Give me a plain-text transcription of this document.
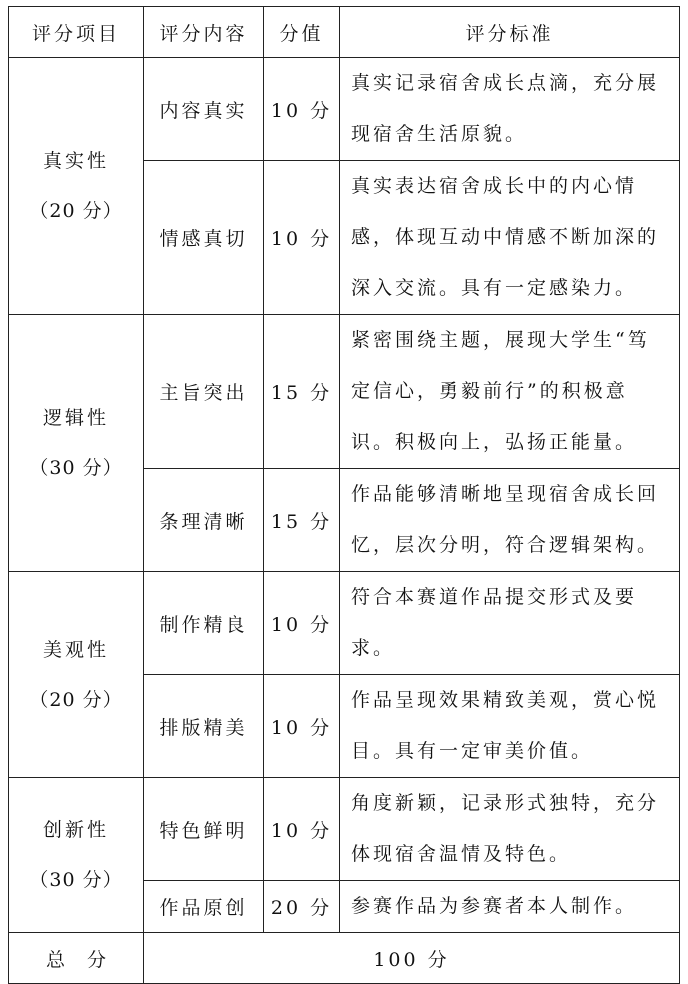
评分项目	评分内容	分值	评分标准

真实性
（20 分）	内容真实	10 分	真实记录宿舍成长点滴，充分展现宿舍生活原貌。
	情感真切	10 分	真实表达宿舍成长中的内心情感，体现互动中情感不断加深的深入交流。具有一定感染力。

逻辑性
（30 分）	主旨突出	15 分	紧密围绕主题，展现大学生“笃定信心，勇毅前行”的积极意识。积极向上，弘扬正能量。
	条理清晰	15 分	作品能够清晰地呈现宿舍成长回忆，层次分明，符合逻辑架构。

美观性
（20 分）	制作精良	10 分	符合本赛道作品提交形式及要求。
	排版精美	10 分	作品呈现效果精致美观，赏心悦目。具有一定审美价值。

创新性
（30 分）	特色鲜明	10 分	角度新颖，记录形式独特，充分体现宿舍温情及特色。
	作品原创	20 分	参赛作品为参赛者本人制作。
总分	100 分		
